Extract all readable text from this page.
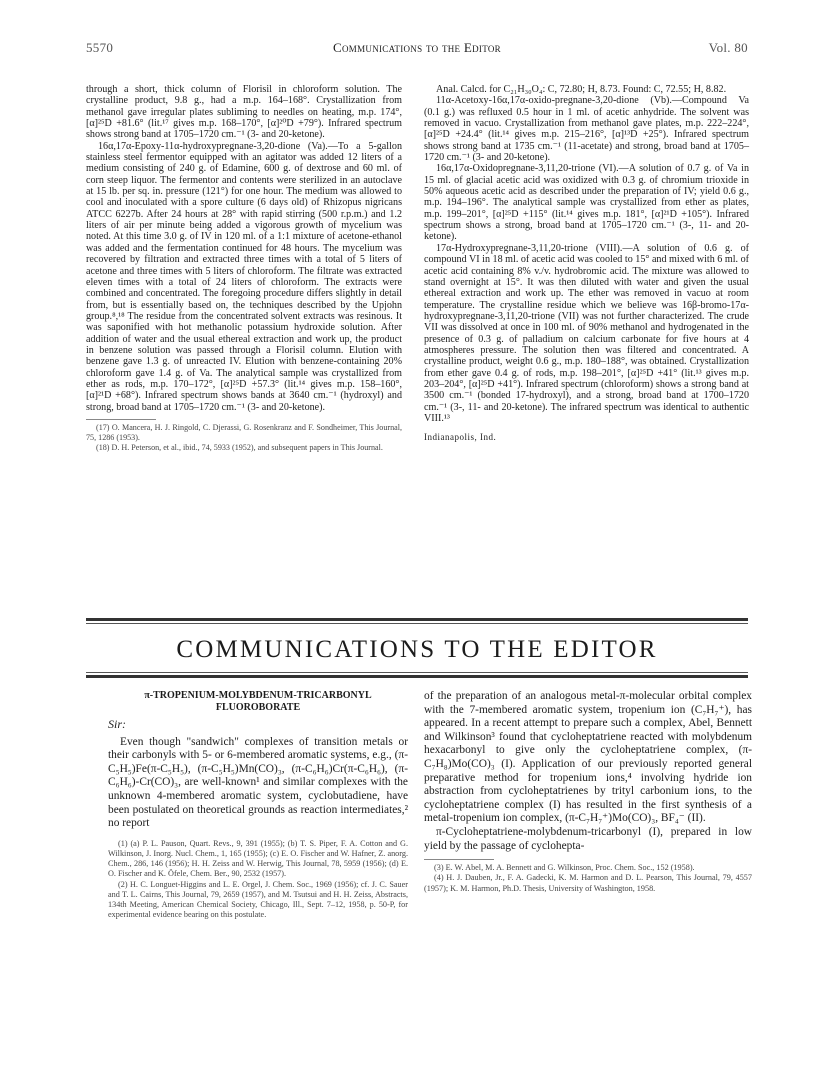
5570	Communications to the Editor	Vol. 80

through a short, thick column of Florisil in chloroform solution. The crystalline product, 9.8 g., had a m.p. 164–168°. Crystallization from methanol gave irregular plates subliming to needles on heating, m.p. 174°, [α]²⁵D +81.6° (lit.¹⁷ gives m.p. 168–170°, [α]²⁰D +79°). Infrared spectrum shows strong band at 1705–1720 cm.⁻¹ (3- and 20-ketone).

16α,17α-Epoxy-11α-hydroxypregnane-3,20-dione (Va).—To a 5-gallon stainless steel fermentor equipped with an agitator was added 12 liters of a medium consisting of 240 g. of Edamine, 600 g. of dextrose and 60 ml. of corn steep liquor. The fermentor and contents were sterilized in an autoclave at 15 lb. per sq. in. pressure (121°) for one hour. The medium was allowed to cool and inoculated with a spore culture (6 days old) of Rhizopus nigricans ATCC 6227b. After 24 hours at 28° with rapid stirring (500 r.p.m.) and 1.2 liters of air per minute being added a vigorous growth of mycelium was noted. At this time 3.0 g. of IV in 120 ml. of a 1:1 mixture of acetone-ethanol was added and the fermentation continued for 48 hours. The mycelium was recovered by filtration and extracted three times with a total of 5 liters of acetone and three times with 5 liters of chloroform. The filtrate was extracted eleven times with a total of 24 liters of chloroform. The extracts were combined and concentrated. The foregoing procedure differs slightly in detail from, but is essentially based on, the techniques described by the Upjohn group.⁸,¹⁸ The residue from the concentrated solvent extracts was resinous. It was saponified with hot methanolic potassium hydroxide solution. After addition of water and the usual ethereal extraction and work up, the product in benzene solution was passed through a Florisil column. Elution with benzene gave 1.3 g. of unreacted IV. Elution with benzene-containing 20% chloroform gave 1.4 g. of Va. The analytical sample was crystallized from ether as rods, m.p. 170–172°, [α]²⁵D +57.3° (lit.¹⁴ gives m.p. 158–160°, [α]²¹D +68°). Infrared spectrum shows bands at 3640 cm.⁻¹ (hydroxyl) and strong, broad band at 1705–1720 cm.⁻¹ (3- and 20-ketone).

(17) O. Mancera, H. J. Ringold, C. Djerassi, G. Rosenkranz and F. Sondheimer, This Journal, 75, 1286 (1953).

(18) D. H. Peterson, et al., ibid., 74, 5933 (1952), and subsequent papers in This Journal.

Anal. Calcd. for C₂₁H₃₀O₄: C, 72.80; H, 8.73. Found: C, 72.55; H, 8.82.

11α-Acetoxy-16α,17α-oxido-pregnane-3,20-dione (Vb).—Compound Va (0.1 g.) was refluxed 0.5 hour in 1 ml. of acetic anhydride. The solvent was removed in vacuo. Crystallization from methanol gave plates, m.p. 222–224°, [α]²⁵D +24.4° (lit.¹⁴ gives m.p. 215–216°, [α]¹³D +25°). Infrared spectrum shows strong band at 1735 cm.⁻¹ (11-acetate) and strong, broad band at 1705–1720 cm.⁻¹ (3- and 20-ketone).

16α,17α-Oxidopregnane-3,11,20-trione (VI).—A solution of 0.7 g. of Va in 15 ml. of glacial acetic acid was oxidized with 0.3 g. of chromium trioxide in 50% aqueous acetic acid as described under the preparation of IV; yield 0.6 g., m.p. 194–196°. The analytical sample was crystallized from ether as plates, m.p. 199–201°, [α]²⁵D +115° (lit.¹⁴ gives m.p. 181°, [α]²¹D +105°). Infrared spectrum shows a strong, broad band at 1705–1720 cm.⁻¹ (3-, 11- and 20-ketone).

17α-Hydroxypregnane-3,11,20-trione (VIII).—A solution of 0.6 g. of compound VI in 18 ml. of acetic acid was cooled to 15° and mixed with 6 ml. of acetic acid containing 8% v./v. hydrobromic acid. The mixture was allowed to stand overnight at 15°. It was then diluted with water and given the usual ethereal extraction and work up. The ether was removed in vacuo at room temperature. The crystalline residue which we believe was 16β-bromo-17α-hydroxypregnane-3,11,20-trione (VII) was not further characterized. The crude VII was dissolved at once in 100 ml. of 90% methanol and hydrogenated in the presence of 0.3 g. of palladium on calcium carbonate for five hours at 4 atmospheres pressure. The solution then was filtered and concentrated. A crystalline product, weight 0.6 g., m.p. 180–188°, was obtained. Crystallization from ether gave 0.4 g. of rods, m.p. 198–201°, [α]²⁵D +41° (lit.¹³ gives m.p. 203–204°, [α]²⁵D +41°). Infrared spectrum (chloroform) shows a strong band at 3500 cm.⁻¹ (bonded 17-hydroxyl), and a strong, broad band at 1700–1720 cm.⁻¹ (3-, 11- and 20-ketone). The infrared spectrum was identical to authentic VIII.¹³

Indianapolis, Ind.
COMMUNICATIONS TO THE EDITOR
π-TROPENIUM-MOLYBDENUM-TRICARBONYL FLUOROBORATE
Sir:

Even though "sandwich" complexes of transition metals or their carbonyls with 5- or 6-membered aromatic systems, e.g., (π-C₅H₅)Fe(π-C₅H₅), (π-C₅H₅)Mn(CO)₃, (π-C₆H₆)Cr(π-C₆H₆), (π-C₆H₆)-Cr(CO)₃, are well-known¹ and similar complexes with the unknown 4-membered aromatic system, cyclobutadiene, have been postulated on theoretical grounds as reaction intermediates,² no report

(1) (a) P. L. Pauson, Quart. Revs., 9, 391 (1955); (b) T. S. Piper, F. A. Cotton and G. Wilkinson, J. Inorg. Nucl. Chem., 1, 165 (1955); (c) E. O. Fischer and W. Hafner, Z. anorg. Chem., 286, 146 (1956); H. H. Zeiss and W. Herwig, This Journal, 78, 5959 (1956); (d) E. O. Fischer and K. Öfele, Chem. Ber., 90, 2532 (1957).

(2) H. C. Longuet-Higgins and L. E. Orgel, J. Chem. Soc., 1969 (1956); cf. J. C. Sauer and T. L. Cairns, This Journal, 79, 2659 (1957), and M. Tsutsui and H. H. Zeiss, Abstracts, 134th Meeting, American Chemical Society, Chicago, Ill., Sept. 7–12, 1958, p. 50-P, for experimental evidence bearing on this postulate.

of the preparation of an analogous metal-π-molecular orbital complex with the 7-membered aromatic system, tropenium ion (C₇H₇⁺), has appeared. In a recent attempt to prepare such a complex, Abel, Bennett and Wilkinson³ found that cycloheptatriene reacted with molybdenum hexacarbonyl to give only the cycloheptatriene complex, (π-C₇H₈)Mo(CO)₃ (I). Application of our previously reported general preparative method for tropenium ions,⁴ involving hydride ion abstraction from cycloheptatrienes by trityl carbonium ions, to the cycloheptatriene complex (I) has resulted in the first synthesis of a metal-tropenium ion complex, (π-C₇H₇⁺)Mo(CO)₃, BF₄⁻ (II).

π-Cycloheptatriene-molybdenum-tricarbonyl (I), prepared in low yield by the passage of cyclohepta-

(3) E. W. Abel, M. A. Bennett and G. Wilkinson, Proc. Chem. Soc., 152 (1958).

(4) H. J. Dauben, Jr., F. A. Gadecki, K. M. Harmon and D. L. Pearson, This Journal, 79, 4557 (1957); K. M. Harmon, Ph.D. Thesis, University of Washington, 1958.
